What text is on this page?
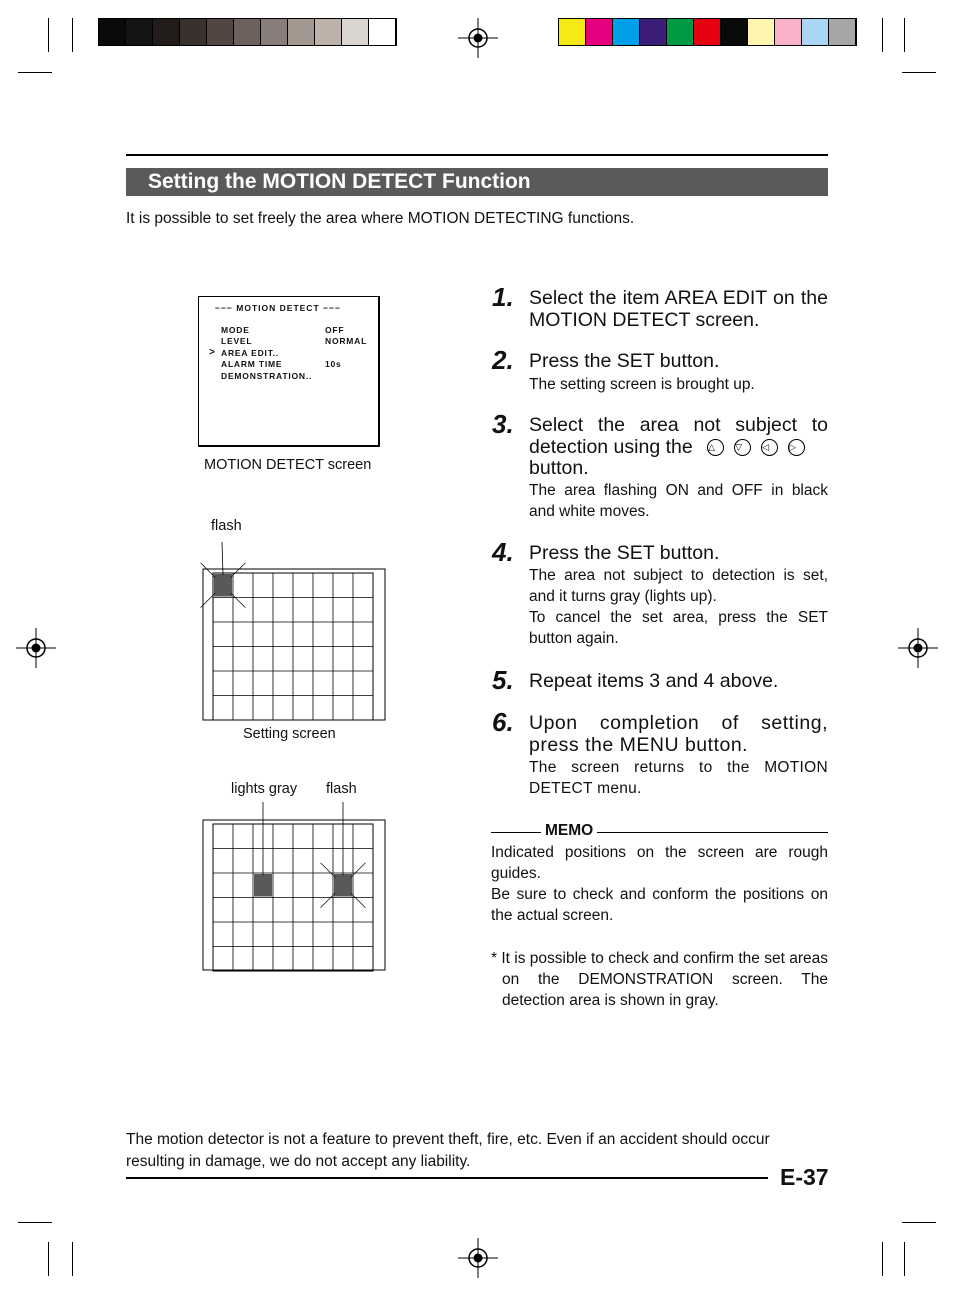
Setting the MOTION DETECT Function
It is possible to set freely the area where MOTION DETECTING functions.
−−− MOTION DETECT −−−
MODE	OFF
LEVEL	NORMAL
> AREA EDIT..
ALARM TIME	10s
DEMONSTRATION..
MOTION DETECT screen
flash
Setting screen
lights gray flash
1. Select the item AREA EDIT on the MOTION DETECT screen.
2. Press the SET button.
The setting screen is brought up.
3. Select the area not subject to detection using the △ ▽ ◁ ▷
button.
The area flashing ON and OFF in black and white moves.
4. Press the SET button.
The area not subject to detection is set, and it turns gray (lights up).
To cancel the set area, press the SET button again.
5. Repeat items 3 and 4 above.
6. Upon completion of setting, press the MENU button.
The screen returns to the MOTION DETECT menu.
MEMO
Indicated positions on the screen are rough guides.
Be sure to check and conform the positions on the actual screen.
* It is possible to check and confirm the set areas on the DEMONSTRATION screen. The detection area is shown in gray.
The motion detector is not a feature to prevent theft, fire, etc. Even if an accident should occur resulting in damage, we do not accept any liability.
E-37
